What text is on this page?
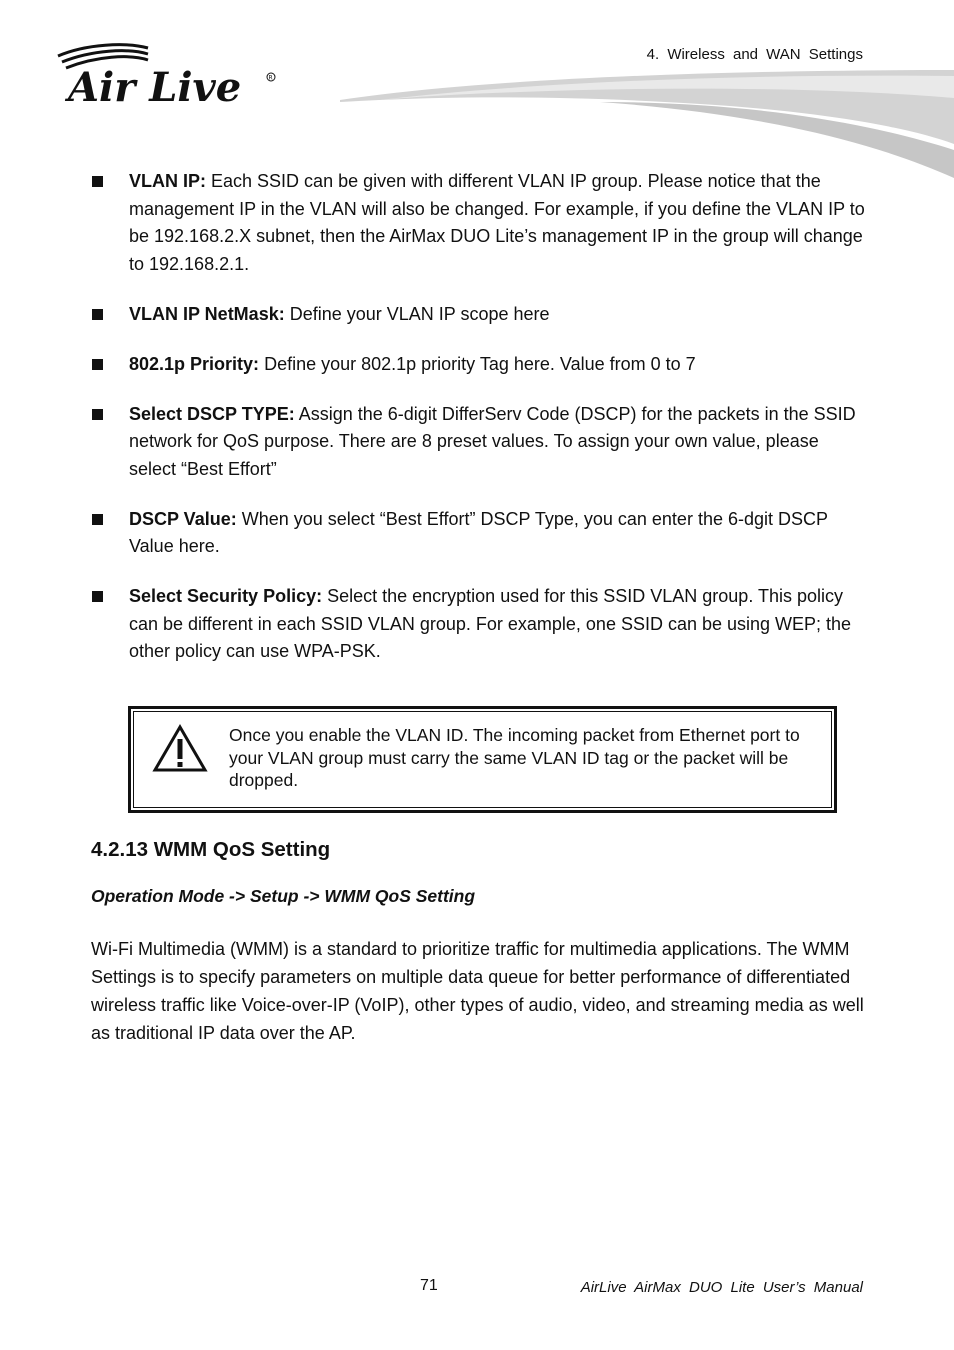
Air Live	R
4. Wireless and WAN Settings
VLAN IP: Each SSID can be given with different VLAN IP group. Please notice that the management IP in the VLAN will also be changed. For example, if you define the VLAN IP to be 192.168.2.X subnet, then the AirMax DUO Lite’s management IP in the group will change to 192.168.2.1.
VLAN IP NetMask: Define your VLAN IP scope here
802.1p Priority: Define your 802.1p priority Tag here. Value from 0 to 7
Select DSCP TYPE: Assign the 6-digit DifferServ Code (DSCP) for the packets in the SSID network for QoS purpose. There are 8 preset values. To assign your own value, please select “Best Effort”
DSCP Value: When you select “Best Effort” DSCP Type, you can enter the 6-dgit DSCP Value here.
Select Security Policy: Select the encryption used for this SSID VLAN group. This policy can be different in each SSID VLAN group. For example, one SSID can be using WEP; the other policy can use WPA-PSK.
Once you enable the VLAN ID. The incoming packet from Ethernet port to your VLAN group must carry the same VLAN ID tag or the packet will be dropped.
4.2.13 WMM QoS Setting
Operation Mode -> Setup -> WMM QoS Setting
Wi-Fi Multimedia (WMM) is a standard to prioritize traffic for multimedia applications. The WMM Settings is to specify parameters on multiple data queue for better performance of differentiated wireless traffic like Voice-over-IP (VoIP), other types of audio, video, and streaming media as well as traditional IP data over the AP.
71	AirLive AirMax DUO Lite User’s Manual
